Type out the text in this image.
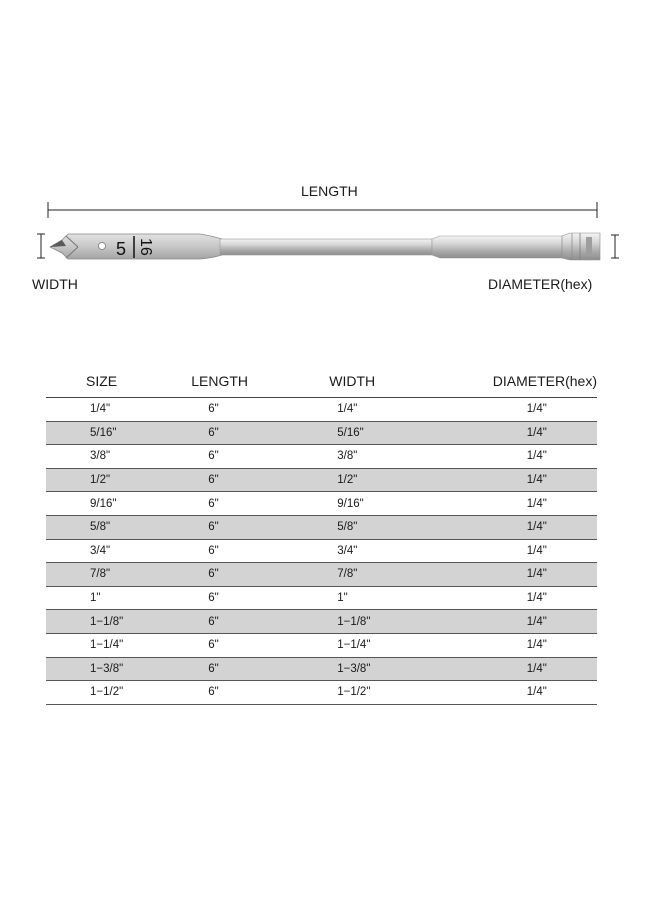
5 16
LENGTH
WIDTH	DIAMETER(hex)
SIZE	LENGTH	WIDTH	DIAMETER(hex)
1/4"	6"	1/4"	1/4"
5/16"	6"	5/16"	1/4"
3/8"	6"	3/8"	1/4"
1/2"	6"	1/2"	1/4"
9/16"	6"	9/16"	1/4"
5/8"	6"	5/8"	1/4"
3/4"	6"	3/4"	1/4"
7/8"	6"	7/8"	1/4"
1"	6"	1"	1/4"
1−1/8"	6"	1−1/8"	1/4"
1−1/4"	6"	1−1/4"	1/4"
1−3/8"	6"	1−3/8"	1/4"
1−1/2"	6"	1−1/2"	1/4"
